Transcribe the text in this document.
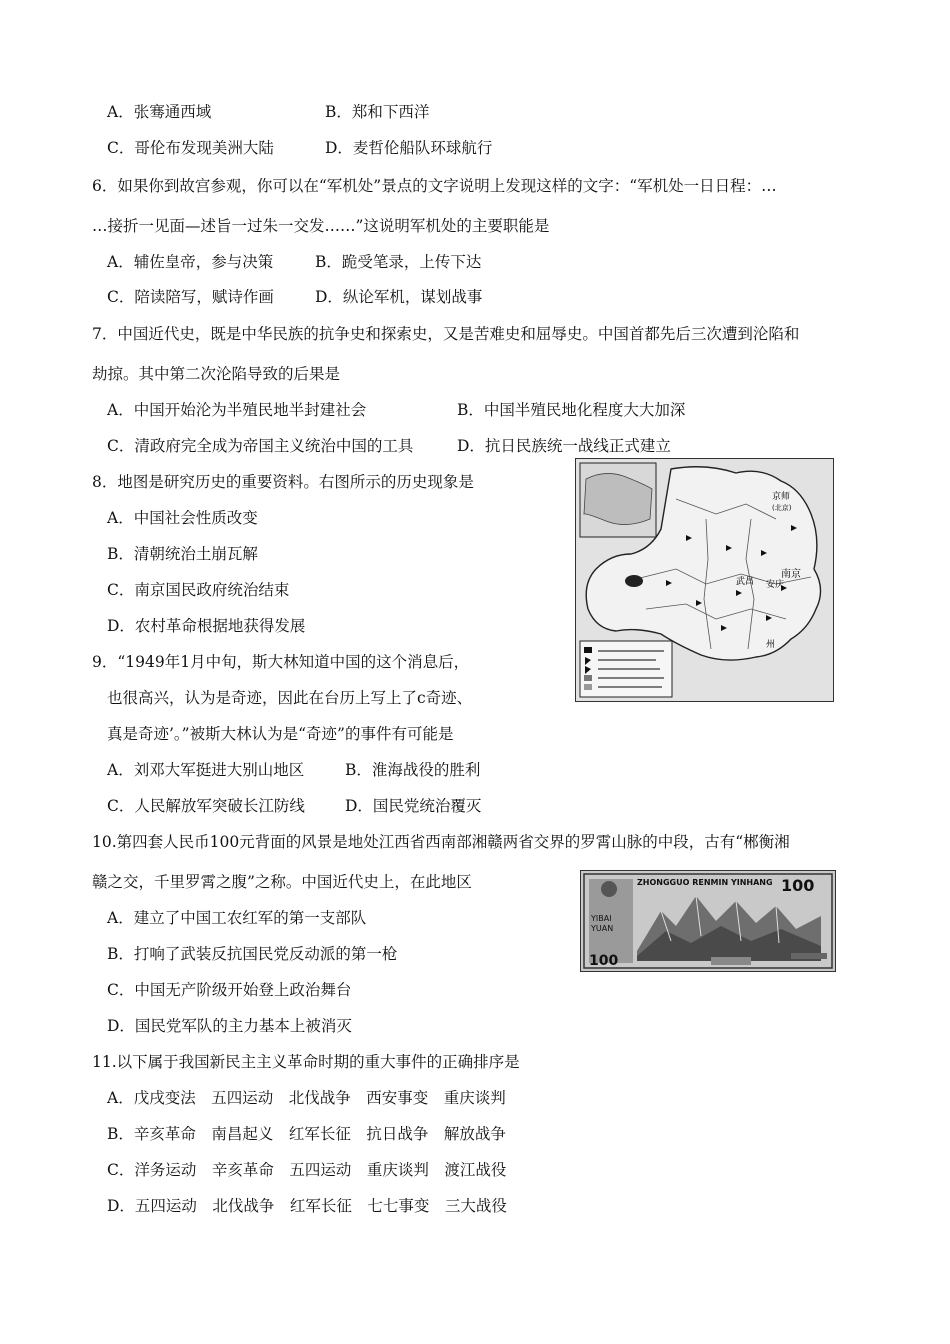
A．张骞通西域	B．郑和下西洋
C．哥伦布发现美洲大陆	D．麦哲伦船队环球航行
6．如果你到故宫参观，你可以在“军机处”景点的文字说明上发现这样的文字：“军机处一日日程：…
…接折一见面—述旨一过朱一交发……”这说明军机处的主要职能是
A．辅佐皇帝，参与决策	B．跪受笔录，上传下达
C．陪读陪写，赋诗作画	D．纵论军机，谋划战事
7．中国近代史，既是中华民族的抗争史和探索史，又是苦难史和屈辱史。中国首都先后三次遭到沦陷和
劫掠。其中第二次沦陷导致的后果是
A．中国开始沦为半殖民地半封建社会	B．中国半殖民地化程度大大加深
C．清政府完全成为帝国主义统治中国的工具	D．抗日民族统一战线正式建立
8．地图是研究历史的重要资料。右图所示的历史现象是
A．中国社会性质改变
B．清朝统治土崩瓦解
C．南京国民政府统治结束
D．农村革命根据地获得发展
京师
(北京)
南京
武昌 安庆
州
9．“1949年1月中旬，斯大林知道中国的这个消息后，
也很高兴，认为是奇迹，因此在台历上写上了c奇迹、
真是奇迹’。”被斯大林认为是“奇迹”的事件有可能是
A．刘邓大军挺进大别山地区	B．淮海战役的胜利
C．人民解放军突破长江防线	D．国民党统治覆灭
10.第四套人民币100元背面的风景是地处江西省西南部湘赣两省交界的罗霄山脉的中段，古有“郴衡湘
赣之交，千里罗霄之腹”之称。中国近代史上，在此地区
A．建立了中国工农红军的第一支部队
B．打响了武装反抗国民党反动派的第一枪
C．中国无产阶级开始登上政治舞台
D．国民党军队的主力基本上被消灭
YIBAI
YUAN
ZHONGGUO RENMIN YINHANG 100
100
11.以下属于我国新民主主义革命时期的重大事件的正确排序是
A．戊戌变法　五四运动　北伐战争　西安事变　重庆谈判
B．辛亥革命　南昌起义　红军长征　抗日战争　解放战争
C．洋务运动　辛亥革命　五四运动　重庆谈判　渡江战役
D．五四运动　北伐战争　红军长征　七七事变　三大战役
